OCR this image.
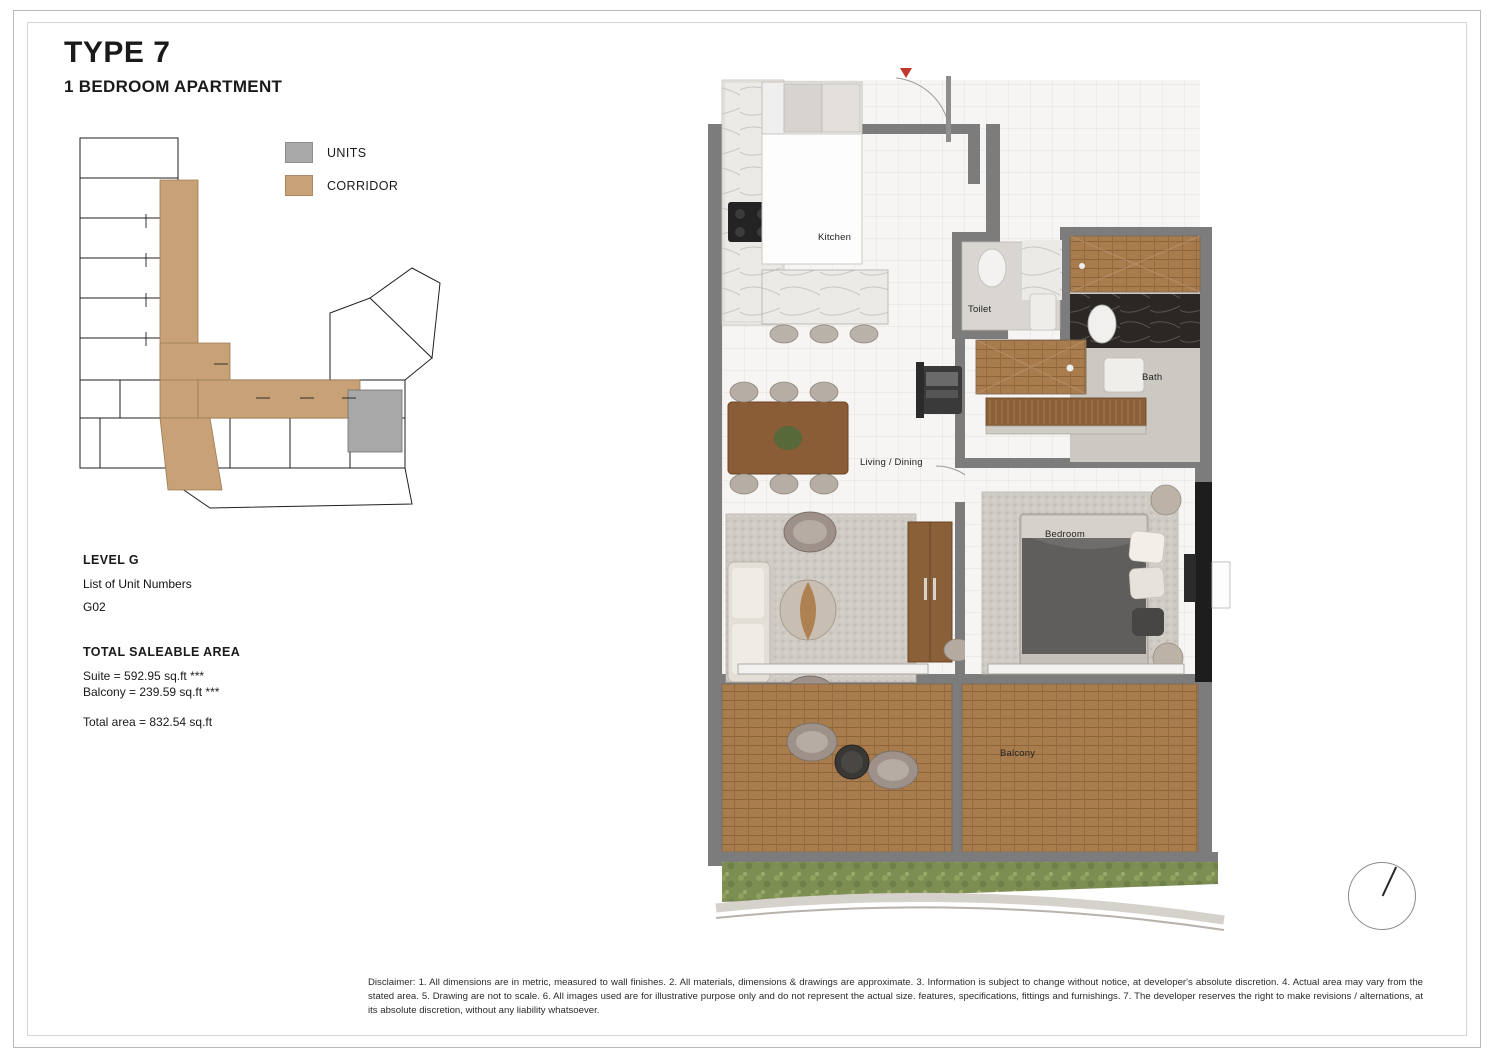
TYPE 7
1 BEDROOM APARTMENT
UNITS
CORRIDOR

LEVEL G

List of Unit Numbers

G02

TOTAL SALEABLE AREA

Suite = 592.95 sq.ft ***

Balcony = 239.59 sq.ft ***

Total area = 832.54 sq.ft

Kitchen
Toilet
Bath
Living / Dining
Bedroom
Balcony
Disclaimer: 1. All dimensions are in metric, measured to wall finishes. 2. All materials, dimensions & drawings are approximate. 3. Information is subject to change without notice, at developer's absolute discretion. 4. Actual area may vary from the stated area. 5. Drawing are not to scale. 6. All images used are for illustrative purpose only and do not represent the actual size. features, specifications, fittings and furnishings. 7. The developer reserves the right to make revisions / alternations, at its absolute discretion, without any liability whatsoever.
